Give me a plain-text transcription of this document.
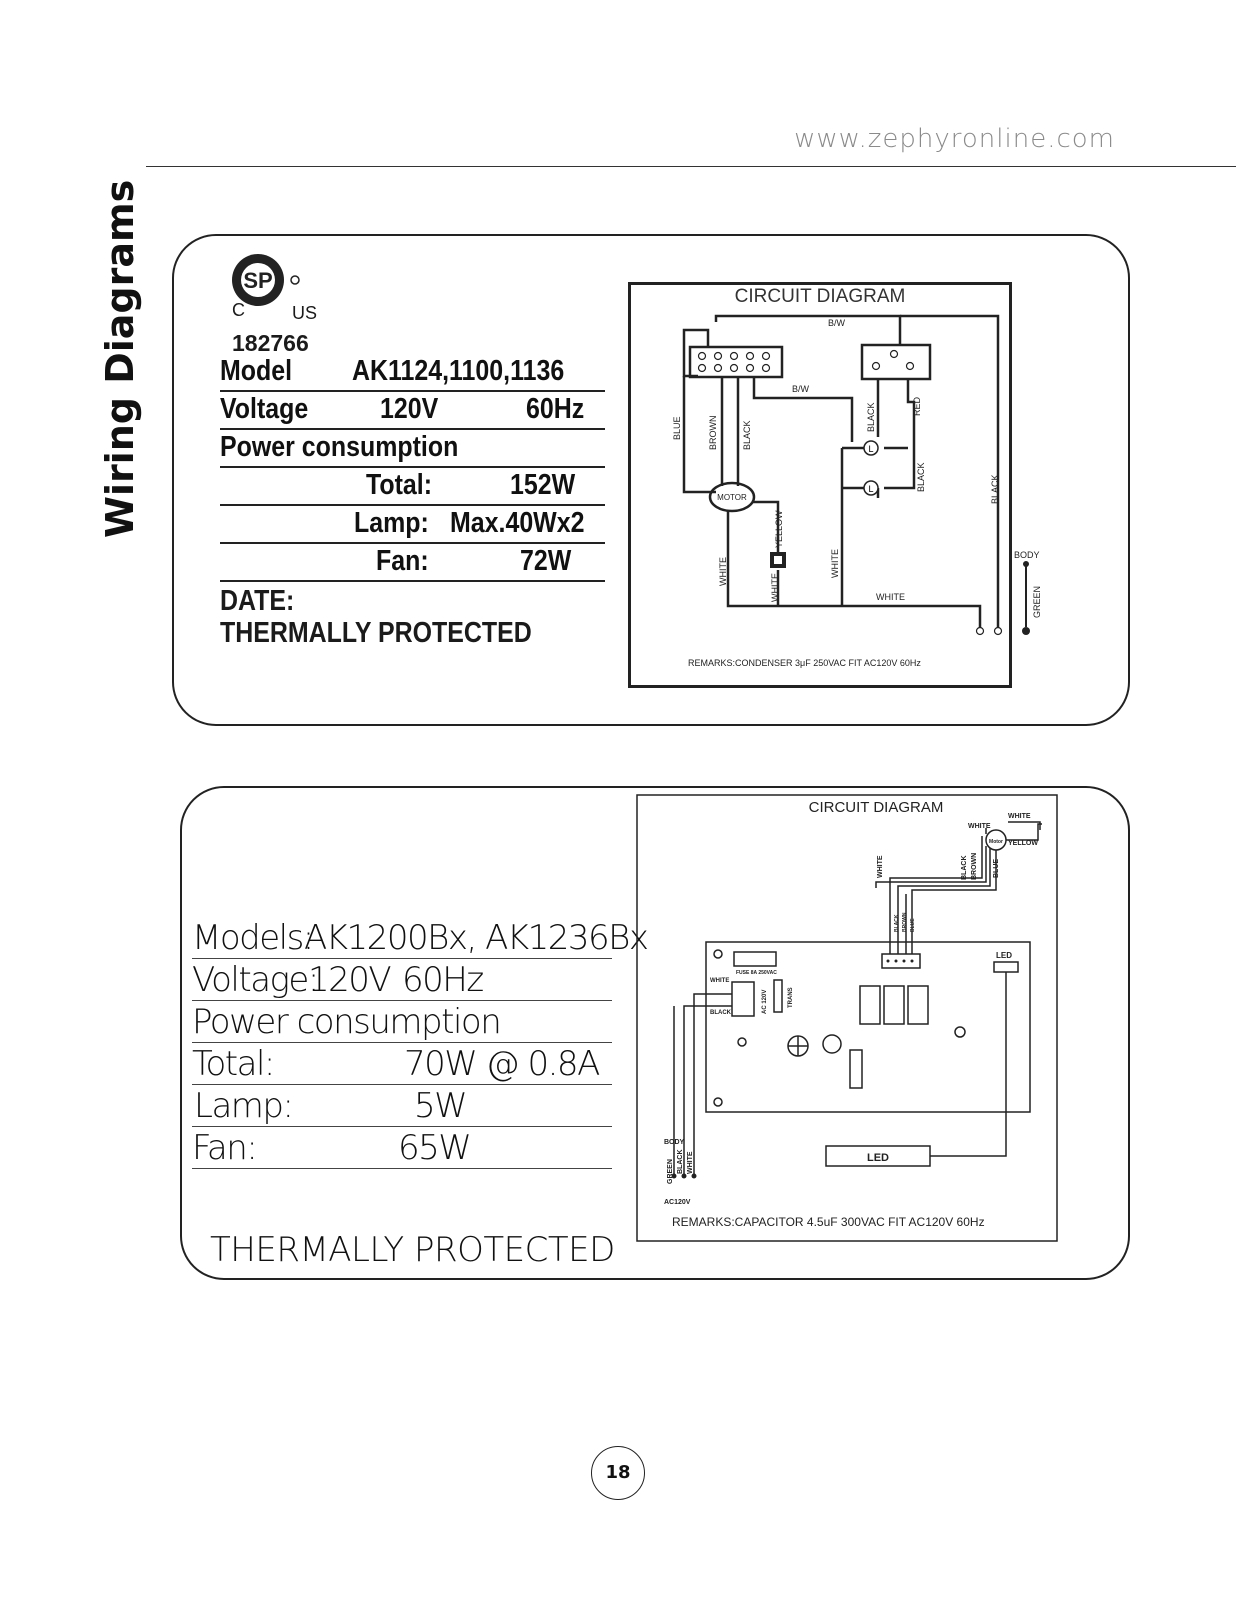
www.zephyronline.com
Wiring Diagrams	SP
C	US
182766
Model AK1124,1100,1136
Voltage 120V	60Hz
Power consumption
Total:	152W
Lamp: Max.40Wx2
Fan:	72W
DATE:
THERMALLY PROTECTED
CIRCUIT DIAGRAM
L
L
B/W
B/W
MOTOR
WHITE
BODY
REMARKS:CONDENSER 3μF 250VAC FIT AC120V 60Hz
BLUE	BROWN	BLACK
BLACK	RED
BLACK	BLACK
YELLOW
WHITE
WHITE
WHITE
GREEN
Models:
AK1200Bx, AK1236Bx
Voltage:
120V 60Hz
Power consumption
Total:	70W @ 0.8A
Lamp:	5W
Fan:	65W
THERMALLY PROTECTED
CIRCUIT DIAGRAM
WHITE
WHITE
Motor YELLOW
LED
FUSE 8A 250VAC
WHITE
BLACK
BODY
AC120V
LED
REMARKS:CAPACITOR 4.5uF 300VAC FIT AC120V 60Hz
WHITE	BLACK BROWN BLUE
BLACK BROWN BLUE
AC 120V	TRANS
GREEN BLACK WHITE
18
